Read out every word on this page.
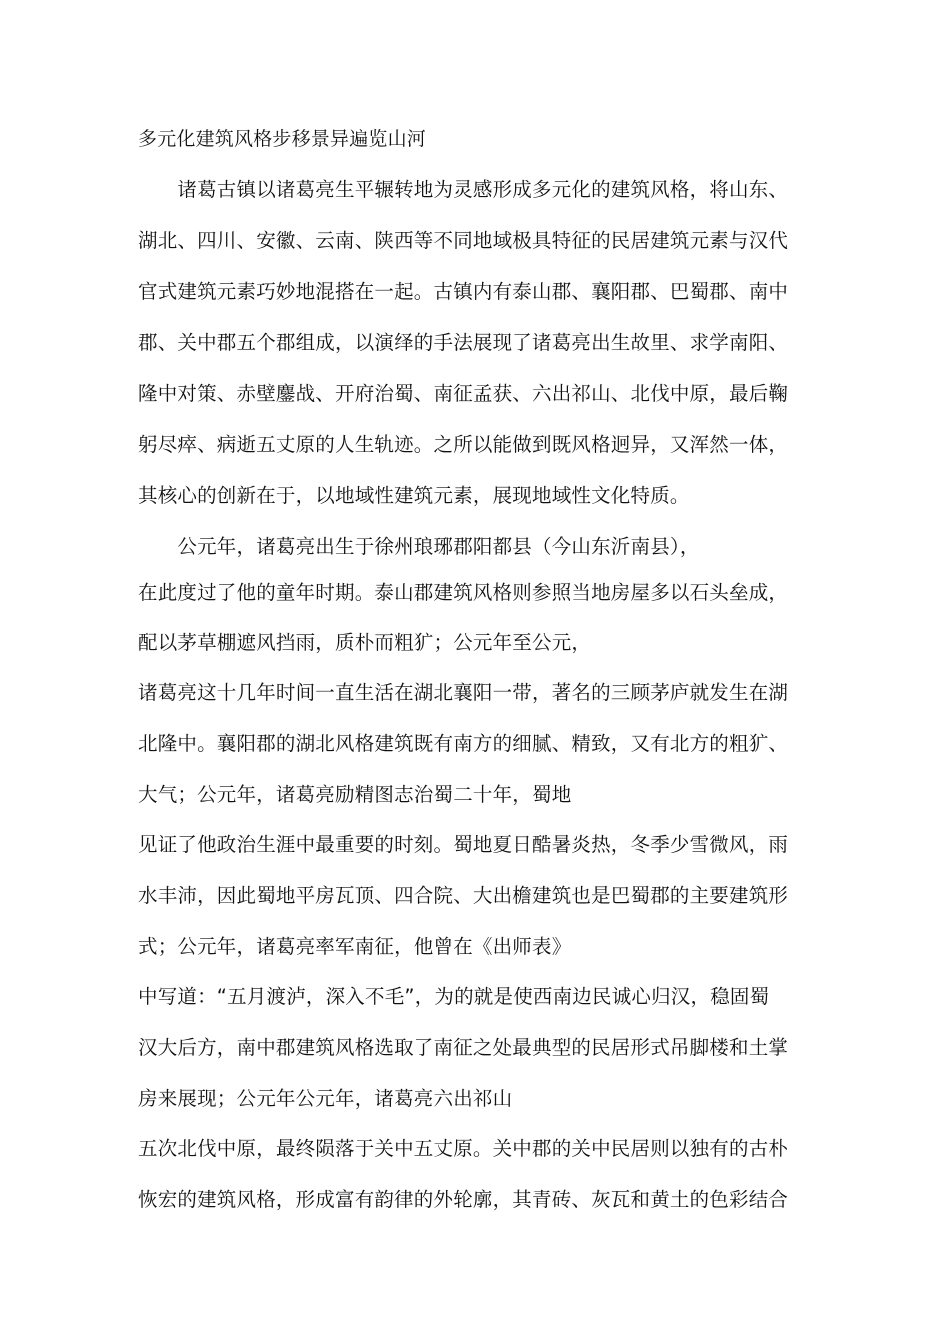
多元化建筑风格步移景异遍览山河
　　诸葛古镇以诸葛亮生平辗转地为灵感形成多元化的建筑风格，将山东、
湖北、四川、安徽、云南、陕西等不同地域极具特征的民居建筑元素与汉代
官式建筑元素巧妙地混搭在一起。古镇内有泰山郡、襄阳郡、巴蜀郡、南中
郡、关中郡五个郡组成，以演绎的手法展现了诸葛亮出生故里、求学南阳、
隆中对策、赤壁鏖战、开府治蜀、南征孟获、六出祁山、北伐中原，最后鞠
躬尽瘁、病逝五丈原的人生轨迹。之所以能做到既风格迥异，又浑然一体，
其核心的创新在于，以地域性建筑元素，展现地域性文化特质。
　　公元年，诸葛亮出生于徐州琅琊郡阳都县（今山东沂南县），
在此度过了他的童年时期。泰山郡建筑风格则参照当地房屋多以石头垒成，
配以茅草棚遮风挡雨，质朴而粗犷；公元年至公元，
诸葛亮这十几年时间一直生活在湖北襄阳一带，著名的三顾茅庐就发生在湖
北隆中。襄阳郡的湖北风格建筑既有南方的细腻、精致，又有北方的粗犷、
大气；公元年，诸葛亮励精图志治蜀二十年，蜀地
见证了他政治生涯中最重要的时刻。蜀地夏日酷暑炎热，冬季少雪微风，雨
水丰沛，因此蜀地平房瓦顶、四合院、大出檐建筑也是巴蜀郡的主要建筑形
式；公元年，诸葛亮率军南征，他曾在《出师表》
中写道：“五月渡泸，深入不毛”，为的就是使西南边民诚心归汉，稳固蜀
汉大后方，南中郡建筑风格选取了南征之处最典型的民居形式吊脚楼和土掌
房来展现；公元年公元年，诸葛亮六出祁山
五次北伐中原，最终陨落于关中五丈原。关中郡的关中民居则以独有的古朴
恢宏的建筑风格，形成富有韵律的外轮廓，其青砖、灰瓦和黄土的色彩结合
